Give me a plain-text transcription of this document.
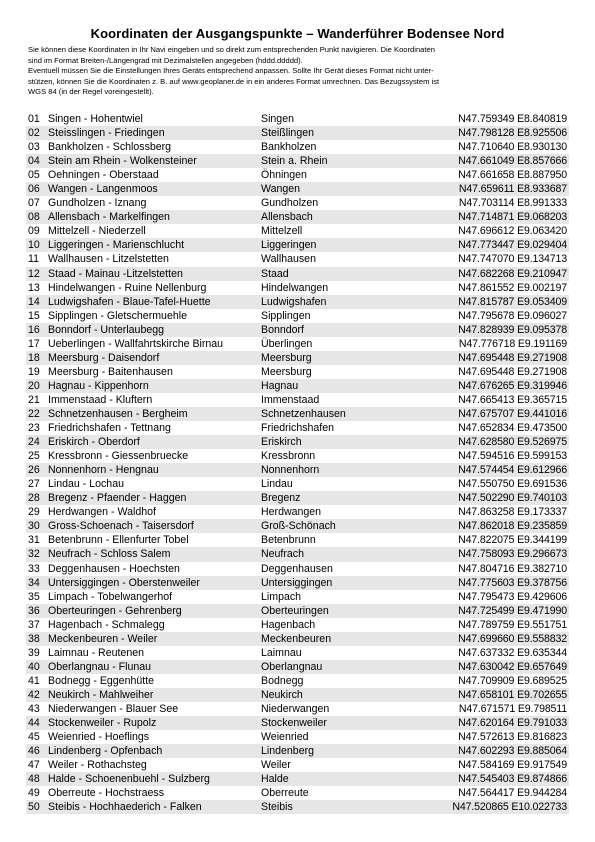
Koordinaten der Ausgangspunkte – Wanderführer Bodensee Nord

Sie können diese Koordinaten in Ihr Navi eingeben und so direkt zum entsprechenden Punkt navigieren. Die Koordinaten

sind im Format Breiten-/Längengrad mit Dezimalstellen angegeben (hddd.ddddd).

Eventuell müssen Sie die Einstellungen Ihres Geräts entsprechend anpassen. Sollte Ihr Gerät dieses Format nicht unter-

stützen, können Sie die Koordinaten z. B. auf www.geoplaner.de in ein anderes Format umrechnen. Das Bezugssystem ist

WGS 84 (in der Regel voreingestellt).

01 Singen - Hohentwiel	Singen	N47.759349 E8.840819
02 Steisslingen - Friedingen	Steißlingen	N47.798128 E8.925506
03 Bankholzen - Schlossberg	Bankholzen	N47.710640 E8.930130
04 Stein am Rhein - Wolkensteiner	Stein a. Rhein	N47.661049 E8.857666
05 Oehningen - Oberstaad	Öhningen	N47.661658 E8.887950
06 Wangen - Langenmoos	Wangen	N47.659611 E8.933687
07 Gundholzen - Iznang	Gundholzen	N47.703114 E8.991333
08 Allensbach - Markelfingen	Allensbach	N47.714871 E9.068203
09 Mittelzell - Niederzell	Mittelzell	N47.696612 E9.063420
10 Liggeringen - Marienschlucht	Liggeringen	N47.773447 E9.029404
11 Wallhausen - Litzelstetten	Wallhausen	N47.747070 E9.134713
12 Staad - Mainau -Litzelstetten	Staad	N47.682268 E9.210947
13 Hindelwangen - Ruine Nellenburg	Hindelwangen	N47.861552 E9.002197
14 Ludwigshafen - Blaue-Tafel-Huette	Ludwigshafen	N47.815787 E9.053409
15 Sipplingen - Gletschermuehle	Sipplingen	N47.795678 E9.096027
16 Bonndorf - Unterlaubegg	Bonndorf	N47.828939 E9.095378
17 Ueberlingen - Wallfahrtskirche Birnau	Überlingen	N47.776718 E9.191169
18 Meersburg - Daisendorf	Meersburg	N47.695448 E9.271908
19 Meersburg - Baitenhausen	Meersburg	N47.695448 E9.271908
20 Hagnau - Kippenhorn	Hagnau	N47.676265 E9.319946
21 Immenstaad - Kluftern	Immenstaad	N47.665413 E9.365715
22 Schnetzenhausen - Bergheim	Schnetzenhausen	N47.675707 E9.441016
23 Friedrichshafen - Tettnang	Friedrichshafen	N47.652834 E9.473500
24 Eriskirch - Oberdorf	Eriskirch	N47.628580 E9.526975
25 Kressbronn - Giessenbruecke	Kressbronn	N47.594516 E9.599153
26 Nonnenhorn - Hengnau	Nonnenhorn	N47.574454 E9.612966
27 Lindau - Lochau	Lindau	N47.550750 E9.691536
28 Bregenz - Pfaender - Haggen	Bregenz	N47.502290 E9.740103
29 Herdwangen - Waldhof	Herdwangen	N47.863258 E9.173337
30 Gross-Schoenach - Taisersdorf	Groß-Schönach	N47.862018 E9.235859
31 Betenbrunn - Ellenfurter Tobel	Betenbrunn	N47.822075 E9.344199
32 Neufrach - Schloss Salem	Neufrach	N47.758093 E9.296673
33 Deggenhausen - Hoechsten	Deggenhausen	N47.804716 E9.382710
34 Untersiggingen - Oberstenweiler	Untersiggingen	N47.775603 E9.378756
35 Limpach - Tobelwangerhof	Limpach	N47.795473 E9.429606
36 Oberteuringen - Gehrenberg	Oberteuringen	N47.725499 E9.471990
37 Hagenbach - Schmalegg	Hagenbach	N47.789759 E9.551751
38 Meckenbeuren - Weiler	Meckenbeuren	N47.699660 E9.558832
39 Laimnau - Reutenen	Laimnau	N47.637332 E9.635344
40 Oberlangnau - Flunau	Oberlangnau	N47.630042 E9.657649
41 Bodnegg - Eggenhütte	Bodnegg	N47.709909 E9.689525
42 Neukirch - Mahlweiher	Neukirch	N47.658101 E9.702655
43 Niederwangen - Blauer See	Niederwangen	N47.671571 E9.798511
44 Stockenweiler - Rupolz	Stockenweiler	N47.620164 E9.791033
45 Weienried - Hoeflings	Weienried	N47.572613 E9.816823
46 Lindenberg - Opfenbach	Lindenberg	N47.602293 E9.885064
47 Weiler - Rothachsteg	Weiler	N47.584169 E9.917549
48 Halde - Schoenenbuehl - Sulzberg	Halde	N47.545403 E9.874866
49 Oberreute - Hochstraess	Oberreute	N47.564417 E9.944284
50 Steibis - Hochhaederich - Falken	Steibis	N47.520865 E10.022733
